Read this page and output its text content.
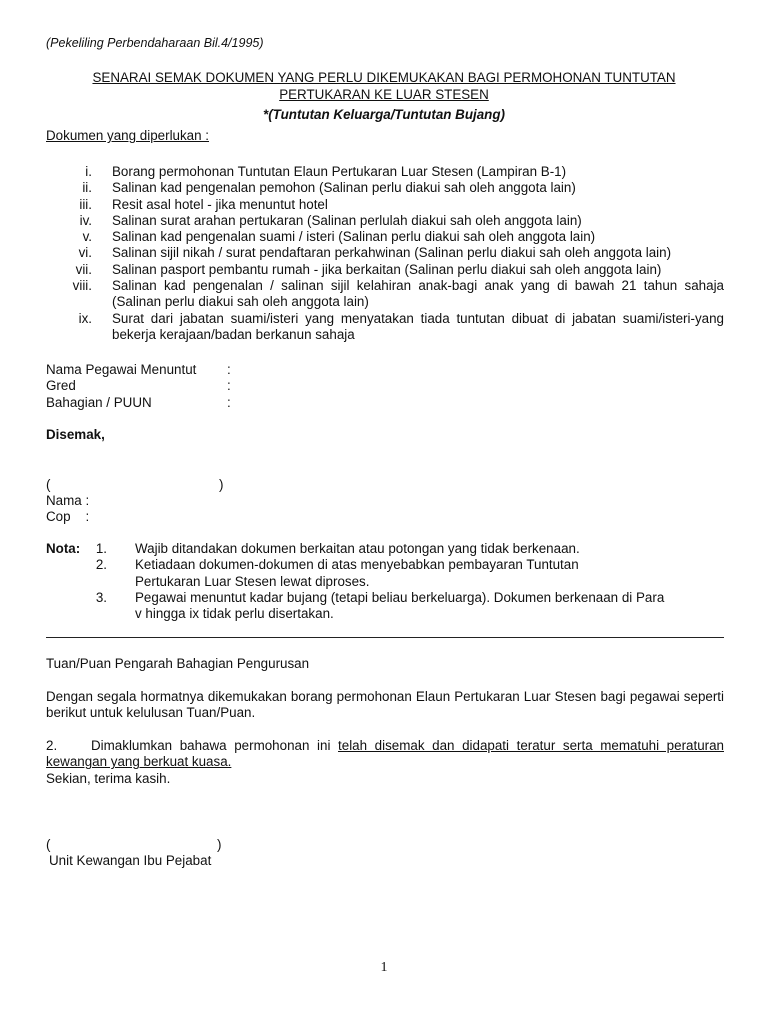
(Pekeliling Perbendaharaan Bil.4/1995)
SENARAI SEMAK DOKUMEN YANG PERLU DIKEMUKAKAN BAGI PERMOHONAN TUNTUTAN
PERTUKARAN KE LUAR STESEN
*(Tuntutan Keluarga/Tuntutan Bujang)
Dokumen yang diperlukan :
i. Borang permohonan Tuntutan Elaun Pertukaran Luar Stesen (Lampiran B-1)
ii. Salinan kad pengenalan pemohon (Salinan perlu diakui sah oleh anggota lain)
iii. Resit asal hotel - jika menuntut hotel
iv. Salinan surat arahan pertukaran (Salinan perlulah diakui sah oleh anggota lain)
v. Salinan kad pengenalan suami / isteri (Salinan perlu diakui sah oleh anggota lain)
vi. Salinan sijil nikah / surat pendaftaran perkahwinan (Salinan perlu diakui sah oleh anggota lain)
vii. Salinan pasport pembantu rumah - jika berkaitan (Salinan perlu diakui sah oleh anggota lain)
viii. Salinan kad pengenalan / salinan sijil kelahiran anak-bagi anak yang di bawah 21 tahun sahaja (Salinan perlu diakui sah oleh anggota lain)
ix. Surat dari jabatan suami/isteri yang menyatakan tiada tuntutan dibuat di jabatan suami/isteri-yang bekerja kerajaan/badan berkanun sahaja
Nama Pegawai Menuntut :
Gred	:
Bahagian / PUUN	:
Disemak,
(	)
Nama :
Cop    :
Nota:	1. Wajib ditandakan dokumen berkaitan atau potongan yang tidak berkenaan.
2. Ketiadaan dokumen-dokumen di atas menyebabkan pembayaran Tuntutan Pertukaran Luar Stesen lewat diproses.
3. Pegawai menuntut kadar bujang (tetapi beliau berkeluarga). Dokumen berkenaan di Para v hingga ix tidak perlu disertakan.
Tuan/Puan Pengarah Bahagian Pengurusan
Dengan segala hormatnya dikemukakan borang permohonan Elaun Pertukaran Luar Stesen bagi pegawai seperti berikut untuk kelulusan Tuan/Puan.
2.	Dimaklumkan bahawa permohonan ini telah disemak dan didapati teratur serta mematuhi peraturan kewangan yang berkuat kuasa.
Sekian, terima kasih.
(	)
Unit Kewangan Ibu Pejabat
1
